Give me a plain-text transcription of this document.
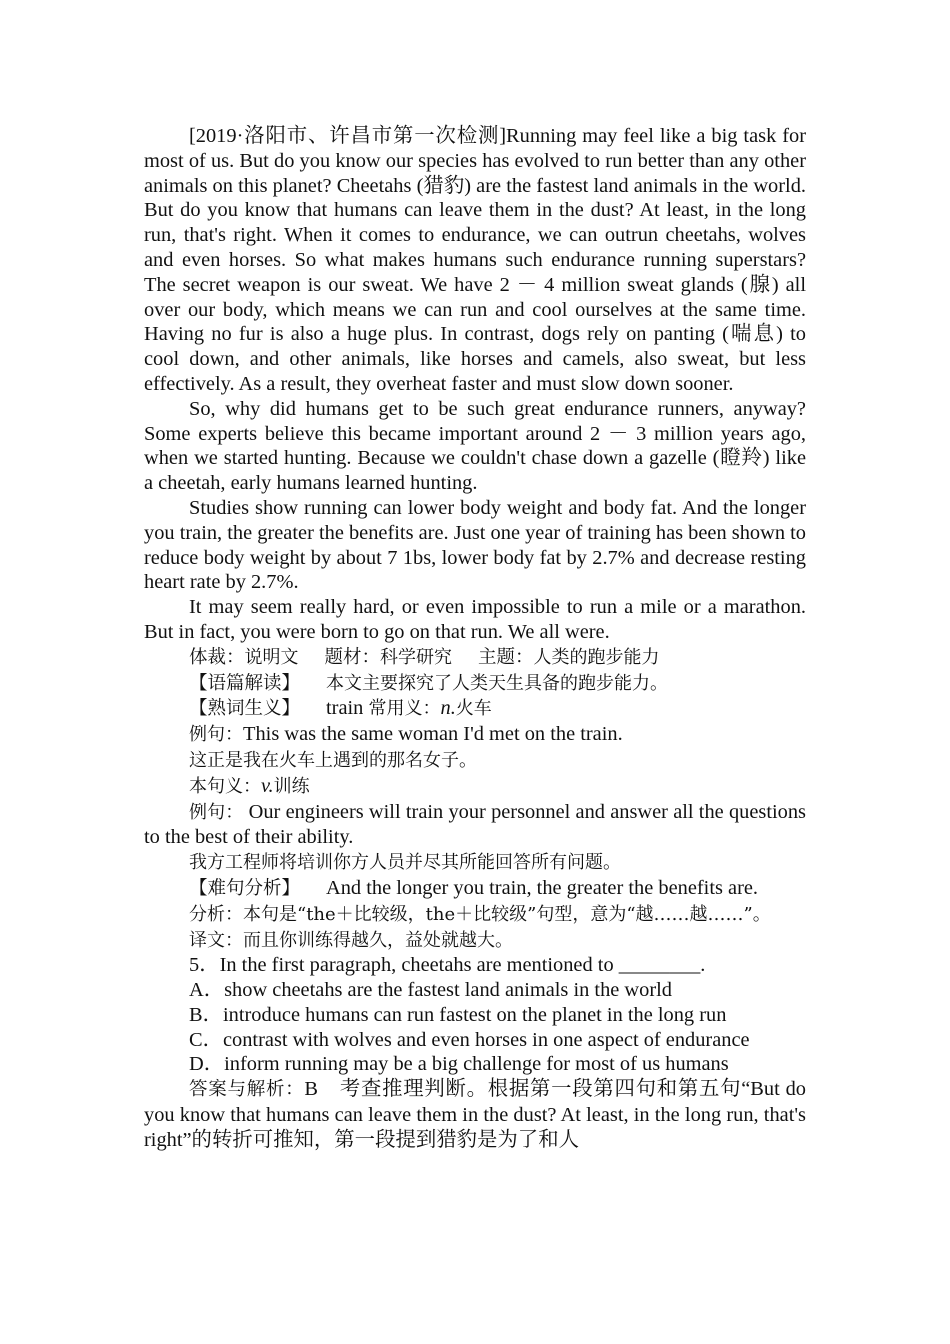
[2019·洛阳市、许昌市第一次检测]Running may feel like a big task for most of us. But do you know our species has evolved to run better than any other animals on this planet? Cheetahs (猎豹) are the fastest land animals in the world. But do you know that humans can leave them in the dust? At least, in the long run, that's right. When it comes to endurance, we can outrun cheetahs, wolves and even horses. So what makes humans such endurance running superstars? The secret weapon is our sweat. We have 2 － 4 million sweat glands (腺) all over our body, which means we can run and cool ourselves at the same time. Having no fur is also a huge plus. In contrast, dogs rely on panting (喘息) to cool down, and other animals, like horses and camels, also sweat, but less effectively. As a result, they overheat faster and must slow down sooner.

So, why did humans get to be such great endurance runners, anyway? Some experts believe this became important around 2 － 3 million years ago, when we started hunting. Because we couldn't chase down a gazelle (瞪羚) like a cheetah, early humans learned hunting.

Studies show running can lower body weight and body fat. And the longer you train, the greater the benefits are. Just one year of training has been shown to reduce body weight by about 7 1bs, lower body fat by 2.7% and decrease resting heart rate by 2.7%.

It may seem really hard, or even impossible to run a mile or a marathon. But in fact, you were born to go on that run. We all were.

体裁：说明文 题材：科学研究 主题：人类的跑步能力

【语篇解读】 本文主要探究了人类天生具备的跑步能力。

【熟词生义】 train 常用义：n.火车

例句：This was the same woman I'd met on the train.

这正是我在火车上遇到的那名女子。

本句义：v.训练

例句： Our engineers will train your personnel and answer all the questions to the best of their ability.

我方工程师将培训你方人员并尽其所能回答所有问题。

【难句分析】 And the longer you train, the greater the benefits are.

分析：本句是“the＋比较级，the＋比较级”句型，意为“越……越……”。

译文：而且你训练得越久，益处就越大。

5．In the first paragraph, cheetahs are mentioned to ________.

A．show cheetahs are the fastest land animals in the world

B．introduce humans can run fastest on the planet in the long run

C．contrast with wolves and even horses in one aspect of endurance

D．inform running may be a big challenge for most of us humans

答案与解析：B　考查推理判断。根据第一段第四句和第五句“But do you know that humans can leave them in the dust? At least, in the long run, that's right”的转折可推知，第一段提到猎豹是为了和人
